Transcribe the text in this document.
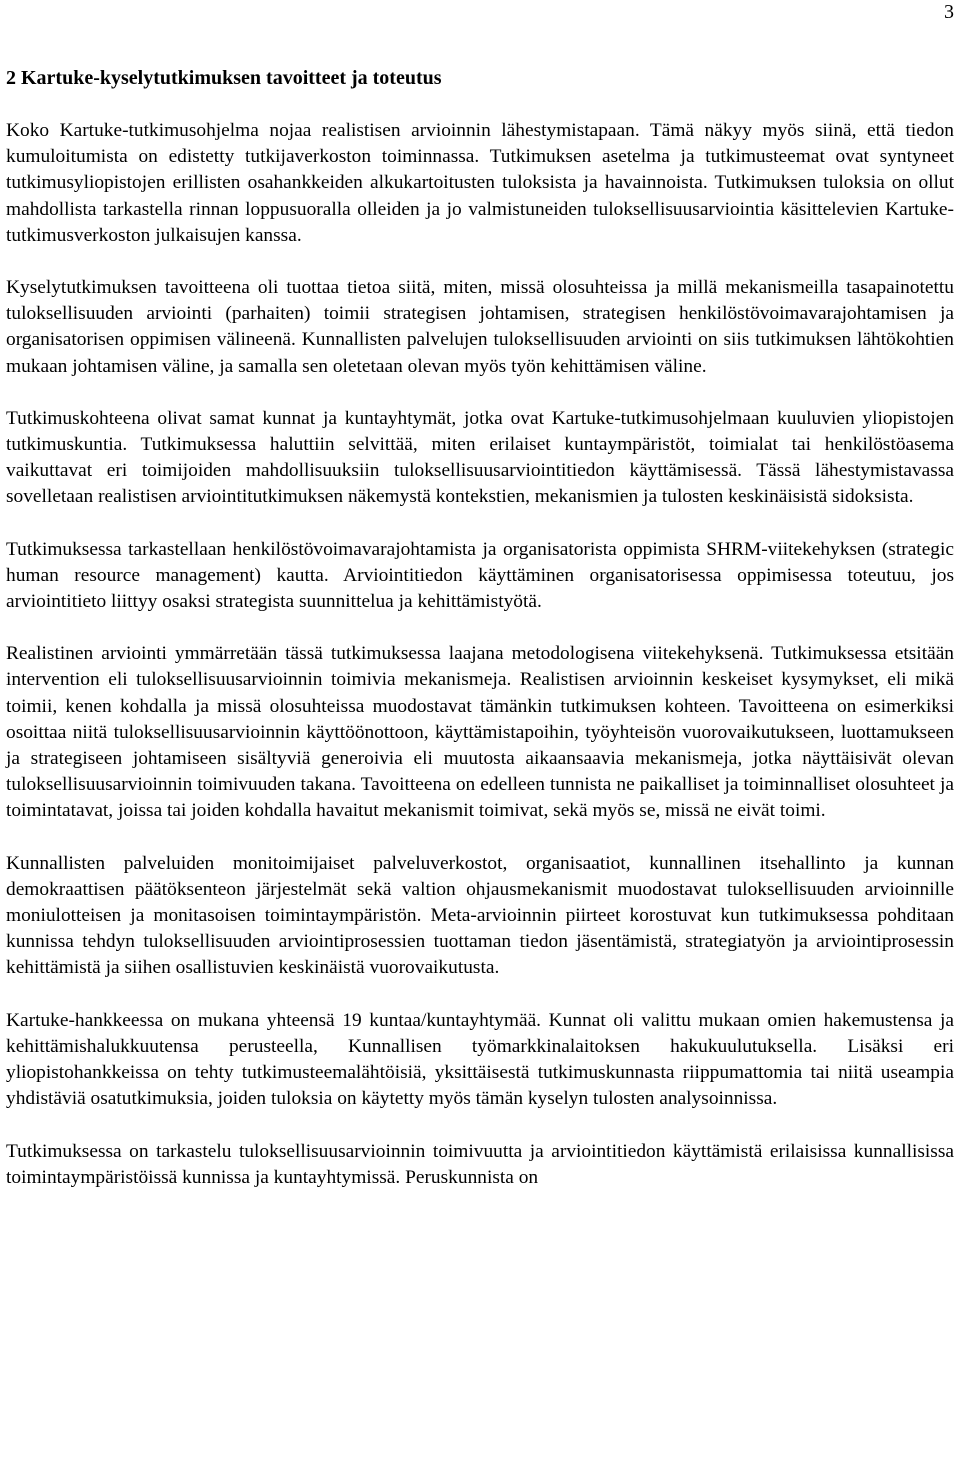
3
2 Kartuke-kyselytutkimuksen tavoitteet ja toteutus

Koko Kartuke-tutkimusohjelma nojaa realistisen arvioinnin lähestymistapaan. Tämä näkyy myös siinä, että tiedon kumuloitumista on edistetty tutkijaverkoston toiminnassa. Tutkimuksen asetelma ja tutkimusteemat ovat syntyneet tutkimusyliopistojen erillisten osahankkeiden alkukartoitusten tuloksista ja havainnoista. Tutkimuksen tuloksia on ollut mahdollista tarkastella rinnan loppusuoralla olleiden ja jo valmistuneiden tuloksellisuusarviointia käsittelevien Kartuke-tutkimusverkoston julkaisujen kanssa.

Kyselytutkimuksen tavoitteena oli tuottaa tietoa siitä, miten, missä olosuhteissa ja millä mekanismeilla tasapainotettu tuloksellisuuden arviointi (parhaiten) toimii strategisen johtamisen, strategisen henkilöstövoimavarajohtamisen ja organisatorisen oppimisen välineenä. Kunnallisten palvelujen tuloksellisuuden arviointi on siis tutkimuksen lähtökohtien mukaan johtamisen väline, ja samalla sen oletetaan olevan myös työn kehittämisen väline.

Tutkimuskohteena olivat samat kunnat ja kuntayhtymät, jotka ovat Kartuke-tutkimusohjelmaan kuuluvien yliopistojen tutkimuskuntia. Tutkimuksessa haluttiin selvittää, miten erilaiset kuntaympäristöt, toimialat tai henkilöstöasema vaikuttavat eri toimijoiden mahdollisuuksiin tuloksellisuusarviointitiedon käyttämisessä. Tässä lähestymistavassa sovelletaan realistisen arviointitutkimuksen näkemystä kontekstien, mekanismien ja tulosten keskinäisistä sidoksista.

Tutkimuksessa tarkastellaan henkilöstövoimavarajohtamista ja organisatorista oppimista SHRM-viitekehyksen (strategic human resource management) kautta. Arviointitiedon käyttäminen organisatorisessa oppimisessa toteutuu, jos arviointitieto liittyy osaksi strategista suunnittelua ja kehittämistyötä.

Realistinen arviointi ymmärretään tässä tutkimuksessa laajana metodologisena viitekehyksenä. Tutkimuksessa etsitään intervention eli tuloksellisuusarvioinnin toimivia mekanismeja. Realistisen arvioinnin keskeiset kysymykset, eli mikä toimii, kenen kohdalla ja missä olosuhteissa muodostavat tämänkin tutkimuksen kohteen. Tavoitteena on esimerkiksi osoittaa niitä tuloksellisuusarvioinnin käyttöönottoon, käyttämistapoihin, työyhteisön vuorovaikutukseen, luottamukseen ja strategiseen johtamiseen sisältyviä generoivia eli muutosta aikaansaavia mekanismeja, jotka näyttäisivät olevan tuloksellisuusarvioinnin toimivuuden takana. Tavoitteena on edelleen tunnista ne paikalliset ja toiminnalliset olosuhteet ja toimintatavat, joissa tai joiden kohdalla havaitut mekanismit toimivat, sekä myös se, missä ne eivät toimi.

Kunnallisten palveluiden monitoimijaiset palveluverkostot, organisaatiot, kunnallinen itsehallinto ja kunnan demokraattisen päätöksenteon järjestelmät sekä valtion ohjausmekanismit muodostavat tuloksellisuuden arvioinnille moniulotteisen ja monitasoisen toimintaympäristön. Meta-arvioinnin piirteet korostuvat kun tutkimuksessa pohditaan kunnissa tehdyn tuloksellisuuden arviointiprosessien tuottaman tiedon jäsentämistä, strategiatyön ja arviointiprosessin kehittämistä ja siihen osallistuvien keskinäistä vuorovaikutusta.

Kartuke-hankkeessa on mukana yhteensä 19 kuntaa/kuntayhtymää. Kunnat oli valittu mukaan omien hakemustensa ja kehittämishalukkuutensa perusteella, Kunnallisen työmarkkinalaitoksen hakukuulutuksella. Lisäksi eri yliopistohankkeissa on tehty tutkimusteemalähtöisiä, yksittäisestä tutkimuskunnasta riippumattomia tai niitä useampia yhdistäviä osatutkimuksia, joiden tuloksia on käytetty myös tämän kyselyn tulosten analysoinnissa.

Tutkimuksessa on tarkastelu tuloksellisuusarvioinnin toimivuutta ja arviointitiedon käyttämistä erilaisissa kunnallisissa toimintaympäristöissä kunnissa ja kuntayhtymissä. Peruskunnista on
